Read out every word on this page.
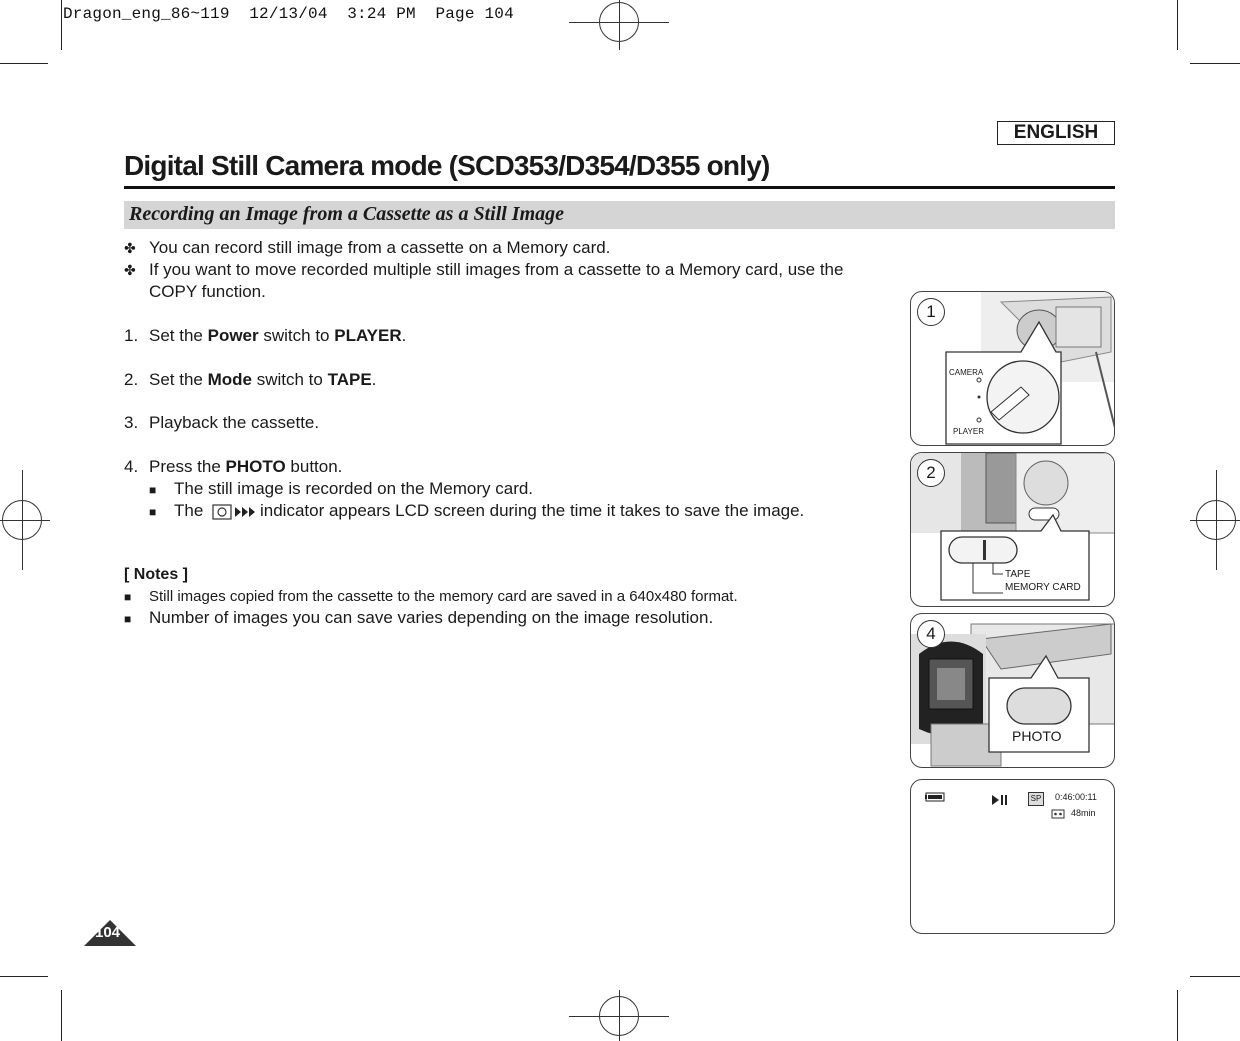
Dragon_eng_86~119  12/13/04  3:24 PM  Page 104
ENGLISH
Digital Still Camera mode (SCD353/D354/D355 only)
Recording an Image from a Cassette as a Still Image
✤ You can record still image from a cassette on a Memory card.
✤ If you want to move recorded multiple still images from a cassette to a Memory card, use the
COPY function.
1. Set the Power switch to PLAYER.
2. Set the Mode switch to TAPE.
3. Playback the cassette.
4. Press the PHOTO button.
■ The still image is recorded on the Memory card.
■ The	indicator appears LCD screen during the time it takes to save the image.
[ Notes ]
■ Still images copied from the cassette to the memory card are saved in a 640x480 format.
■ Number of images you can save varies depending on the image resolution.
1
CAMERA
PLAYER
2
TAPE
MEMORY CARD
4
PHOTO
SP 0:46:00:11
48min
104
